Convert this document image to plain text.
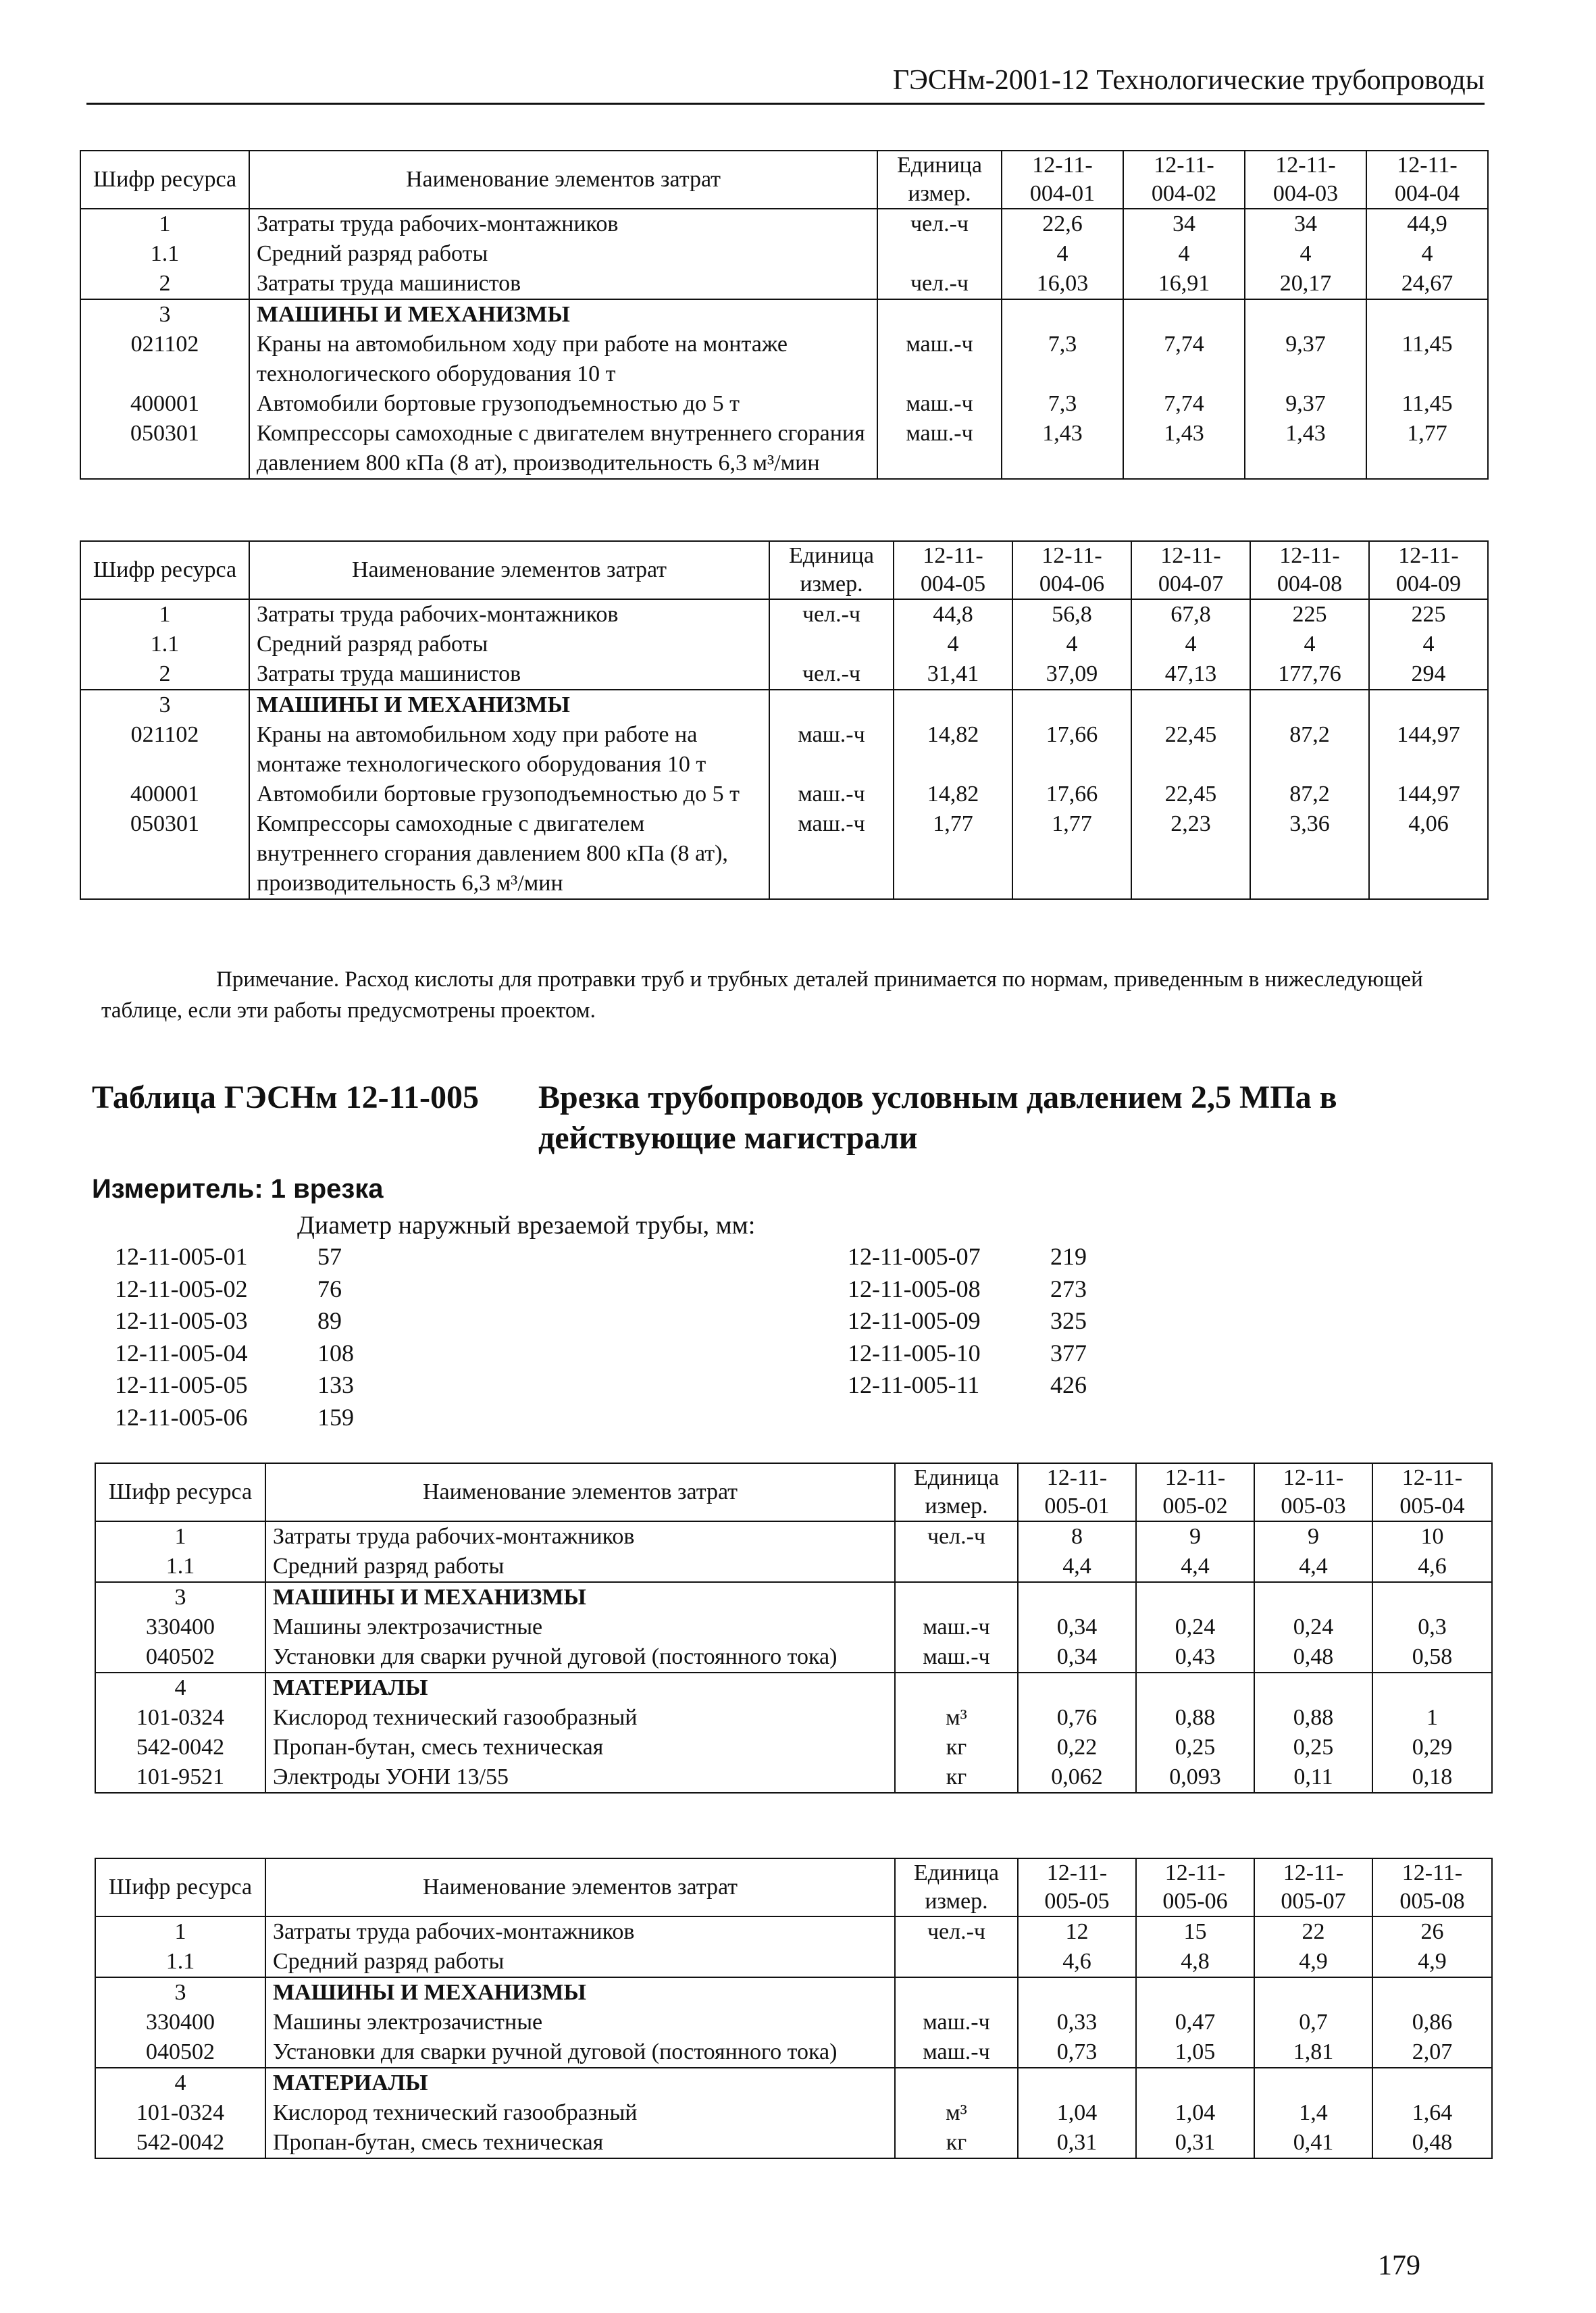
ГЭСНм-2001-12 Технологические трубопроводы
Шифр ресурса	Наименование элементов затрат	Единица измер.	12-11- 004-01	12-11- 004-02	12-11- 004-03	12-11- 004-04
1	Затраты труда рабочих-монтажников	чел.-ч	22,6	34	34	44,9
1.1	Средний разряд работы		4	4	4	4
2	Затраты труда машинистов	чел.-ч	16,03	16,91	20,17	24,67
3	МАШИНЫ И МЕХАНИЗМЫ					
021102	Краны на автомобильном ходу при работе на монтаже технологического оборудования 10 т	маш.-ч	7,3	7,74	9,37	11,45
400001	Автомобили бортовые грузоподъемностью до 5 т	маш.-ч	7,3	7,74	9,37	11,45
050301	Компрессоры самоходные с двигателем внутреннего сгорания давлением 800 кПа (8 ат), производительность 6,3 м³/мин	маш.-ч	1,43	1,43	1,43	1,77
Шифр ресурса	Наименование элементов затрат	Единица измер.	12-11- 004-05	12-11- 004-06	12-11- 004-07	12-11- 004-08	12-11- 004-09
1	Затраты труда рабочих-монтажников	чел.-ч	44,8	56,8	67,8	225	225
1.1	Средний разряд работы		4	4	4	4	4
2	Затраты труда машинистов	чел.-ч	31,41	37,09	47,13	177,76	294
3	МАШИНЫ И МЕХАНИЗМЫ						
021102	Краны на автомобильном ходу при работе на монтаже технологического оборудования 10 т	маш.-ч	14,82	17,66	22,45	87,2	144,97
400001	Автомобили бортовые грузоподъемностью до 5 т	маш.-ч	14,82	17,66	22,45	87,2	144,97
050301	Компрессоры самоходные с двигателем внутреннего сгорания давлением 800 кПа (8 ат), производительность 6,3 м³/мин	маш.-ч	1,77	1,77	2,23	3,36	4,06
Примечание. Расход кислоты для протравки труб и трубных деталей принимается по нормам, приведенным в нижеследующей таблице, если эти работы предусмотрены проектом.
Таблица ГЭСНм 12-11-005 Врезка трубопроводов условным давлением 2,5 МПа в действующие магистрали
Измеритель: 1 врезка
Диаметр наружный врезаемой трубы, мм:
12-11-005-01	57
12-11-005-02	76
12-11-005-03	89
12-11-005-04	108
12-11-005-05	133
12-11-005-06	159
12-11-005-07	219
12-11-005-08	273
12-11-005-09	325
12-11-005-10	377
12-11-005-11	426
Шифр ресурса	Наименование элементов затрат	Единица измер.	12-11- 005-01	12-11- 005-02	12-11- 005-03	12-11- 005-04
1	Затраты труда рабочих-монтажников	чел.-ч	8	9	9	10
1.1	Средний разряд работы		4,4	4,4	4,4	4,6
3	МАШИНЫ И МЕХАНИЗМЫ					
330400	Машины электрозачистные	маш.-ч	0,34	0,24	0,24	0,3
040502	Установки для сварки ручной дуговой (постоянного тока)	маш.-ч	0,34	0,43	0,48	0,58
4	МАТЕРИАЛЫ					
101-0324	Кислород технический газообразный	м³	0,76	0,88	0,88	1
542-0042	Пропан-бутан, смесь техническая	кг	0,22	0,25	0,25	0,29
101-9521	Электроды УОНИ 13/55	кг	0,062	0,093	0,11	0,18
Шифр ресурса	Наименование элементов затрат	Единица измер.	12-11- 005-05	12-11- 005-06	12-11- 005-07	12-11- 005-08
1	Затраты труда рабочих-монтажников	чел.-ч	12	15	22	26
1.1	Средний разряд работы		4,6	4,8	4,9	4,9
3	МАШИНЫ И МЕХАНИЗМЫ					
330400	Машины электрозачистные	маш.-ч	0,33	0,47	0,7	0,86
040502	Установки для сварки ручной дуговой (постоянного тока)	маш.-ч	0,73	1,05	1,81	2,07
4	МАТЕРИАЛЫ					
101-0324	Кислород технический газообразный	м³	1,04	1,04	1,4	1,64
542-0042	Пропан-бутан, смесь техническая	кг	0,31	0,31	0,41	0,48
179
